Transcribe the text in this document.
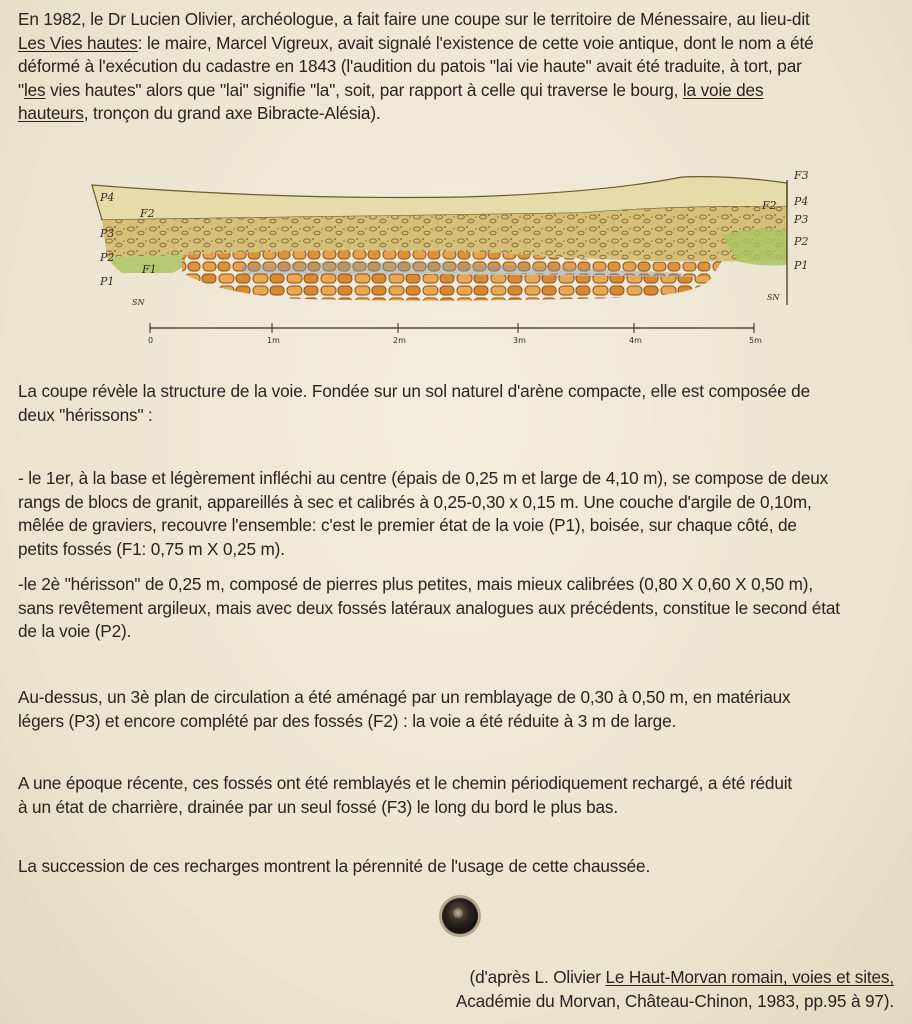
En 1982, le Dr Lucien Olivier, archéologue, a fait faire une coupe sur le territoire de Ménessaire, au lieu-dit
Les Vies hautes: le maire, Marcel Vigreux, avait signalé l'existence de cette voie antique, dont le nom a été
déformé à l'exécution du cadastre en 1843 (l'audition du patois "lai vie haute" avait été traduite, à tort, par
"les vies hautes" alors que "lai" signifie "la", soit, par rapport à celle qui traverse le bourg, la voie des
hauteurs, tronçon du grand axe Bibracte-Alésia).

P4
F2
P3
P2
F1
P1
SN
F3
F2 P4
P3
P2
P1
SN
0	1m	2m	3m	4m	5m

La coupe révèle la structure de la voie. Fondée sur un sol naturel d'arène compacte, elle est composée de
deux "hérissons" :

- le 1er, à la base et légèrement infléchi au centre (épais de 0,25 m et large de 4,10 m), se compose de deux
rangs de blocs de granit, appareillés à sec et calibrés à 0,25-0,30 x 0,15 m. Une couche d'argile de 0,10m,
mêlée de graviers, recouvre l'ensemble: c'est le premier état de la voie (P1), boisée, sur chaque côté, de
petits fossés (F1: 0,75 m X 0,25 m).

-le 2è "hérisson" de 0,25 m, composé de pierres plus petites, mais mieux calibrées (0,80 X 0,60 X 0,50 m),
sans revêtement argileux, mais avec deux fossés latéraux analogues aux précédents, constitue le second état
de la voie (P2).

Au-dessus, un 3è plan de circulation a été aménagé par un remblayage de 0,30 à 0,50 m, en matériaux
légers (P3) et encore complété par des fossés (F2) : la voie a été réduite à 3 m de large.

A une époque récente, ces fossés ont été remblayés et le chemin périodiquement rechargé, a été réduit
à un état de charrière, drainée par un seul fossé (F3) le long du bord le plus bas.

La succession de ces recharges montrent la pérennité de l'usage de cette chaussée.

(d'après L. Olivier Le Haut-Morvan romain, voies et sites,
Académie du Morvan, Château-Chinon, 1983, pp.95 à 97).
